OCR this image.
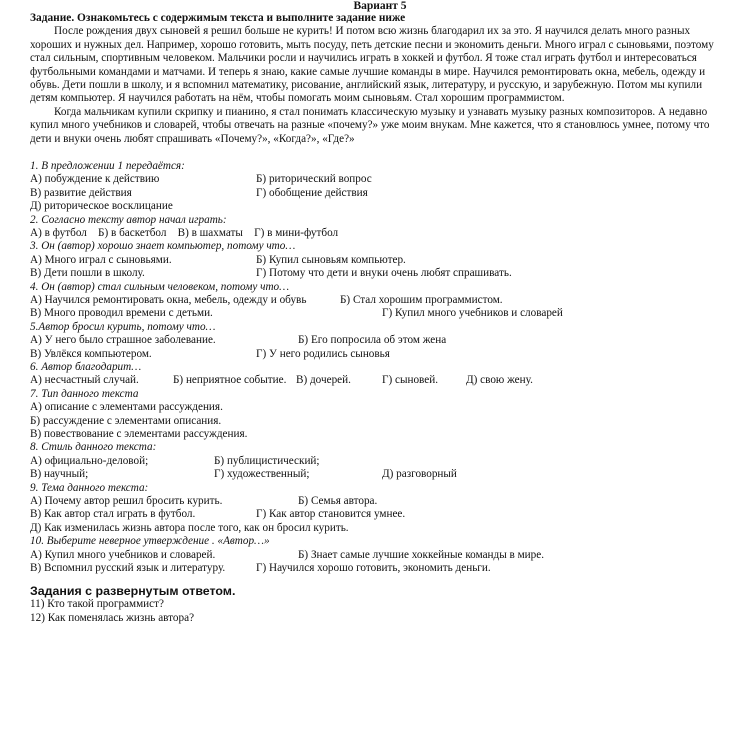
Вариант 5
Задание. Ознакомьтесь с содержимым текста и выполните задание ниже

После рождения двух сыновей я решил больше не курить! И потом всю жизнь благодарил их за это. Я научился делать много разных хороших и нужных дел. Например, хорошо готовить, мыть посуду, петь детские песни и экономить деньги. Много играл с сыновьями, поэтому стал сильным, спортивным человеком. Мальчики росли и научились играть в хоккей и футбол. Я тоже стал играть футбол и интересоваться футбольными командами и матчами. И теперь я знаю, какие самые лучшие команды в мире. Научился ремонтировать окна, мебель, одежду и обувь. Дети пошли в школу, и я вспомнил математику, рисование, английский язык, литературу, и русскую, и зарубежную. Потом мы купили детям компьютер. Я научился работать на нём, чтобы помогать моим сыновьям. Стал хорошим программистом.

Когда мальчикам купили скрипку и пианино, я стал понимать классическую музыку и узнавать музыку разных композиторов. А недавно купил много учебников и словарей, чтобы отвечать на разные «почему?» уже моим внукам. Мне кажется, что я становлюсь умнее, потому что дети и внуки очень любят спрашивать «Почему?», «Когда?», «Где?»

1. В предложении 1 передаётся:

А) побуждение к действию	Б) риторический вопрос
В) развитие действия	Г) обобщение действия

Д) риторическое восклицание

2. Согласно тексту автор начал играть:

А) в футбол    Б) в баскетбол    В) в шахматы    Г) в мини-футбол

3. Он (автор) хорошо знает компьютер, потому что…

А) Много играл с сыновьями.	Б) Купил сыновьям компьютер.
В) Дети пошли в школу.	Г) Потому что дети и внуки очень любят спрашивать.

4. Он (автор) стал сильным человеком, потому что…

А) Научился ремонтировать окна, мебель, одежду и обувь	Б) Стал хорошим программистом.
В) Много проводил времени с детьми.	Г) Купил много учебников и словарей

5.Автор бросил курить, потому что…

А) У него было страшное заболевание.	Б) Его попросила об этом жена
В) Увлёкся компьютером.	Г) У него родились сыновья

6. Автор благодарит…

А) несчастный случай.	Б) неприятное событие. В) дочерей.	Г) сыновей. Д) свою жену.

7. Тип данного текста

А) описание с элементами рассуждения.

Б) рассуждение с элементами описания.

В) повествование с элементами рассуждения.

8. Стиль данного текста:

А) официально-деловой;	Б) публицистический;
В) научный;	Г) художественный;	Д) разговорный

9. Тема данного текста:

А) Почему автор решил бросить курить.	Б) Семья автора.
В) Как автор стал играть в футбол.	Г) Как автор становится умнее.

Д) Как изменилась жизнь автора после того, как он бросил курить.

10. Выберите неверное утверждение . «Автор…»

А) Купил много учебников и словарей.	Б) Знает самые лучшие хоккейные команды в мире.
В) Вспомнил русский язык и литературу.	Г) Научился хорошо готовить, экономить деньги.
Задания с развернутым ответом.

11) Кто такой программист?

12) Как поменялась жизнь автора?
